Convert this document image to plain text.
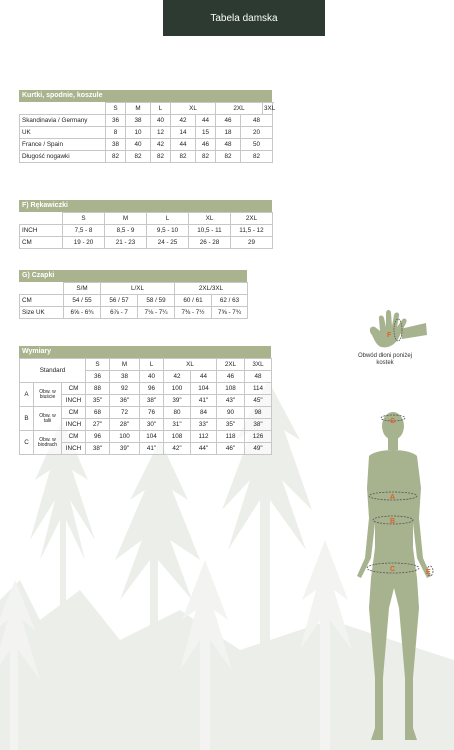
Tabela damska
Kurtki, spodnie, koszule
	S	M	L	XL		2XL		3XL
Skandinavia / Germany	36	38	40	42	44	46	48	
UK	8	10	12	14	15	18	20	
France / Spain	38	40	42	44	46	48	50	
Długość nogawki	82	82	82	82	82	82	82	
F) Rękawiczki
	S	M	L	XL	2XL
INCH	7,5 - 8	8,5 - 9	9,5 - 10	10,5 - 11	11,5 - 12
CM	19 - 20	21 - 23	24 - 25	26 - 28	29
G) Czapki
	S/M	L/XL		2XL/3XL	
CM	54 / 55	56 / 57	58 / 59	60 / 61	62 / 63
Size UK	6⅝ - 6¾	6⅞ - 7	7⅛ - 7¼	7⅜ - 7½	7⅝ - 7¾
Wymiary
Standard			S	M	L	XL		2XL	3XL
			36	38	40	42	44	46	48
A	Obw. w biuście	CM	88	92	96	100	104	108	114
		INCH	35"	36"	38"	39"	41"	43"	45"
B	Obw. w talii	CM	68	72	76	80	84	90	98
		INCH	27"	28"	30"	31"	33"	35"	38"
C	Obw. w biodrach	CM	96	100	104	108	112	118	126
		INCH	38"	39"	41"	42"	44"	46"	49"
F
Obwód dłoni poniżej kostek
G
A
B
C	E
